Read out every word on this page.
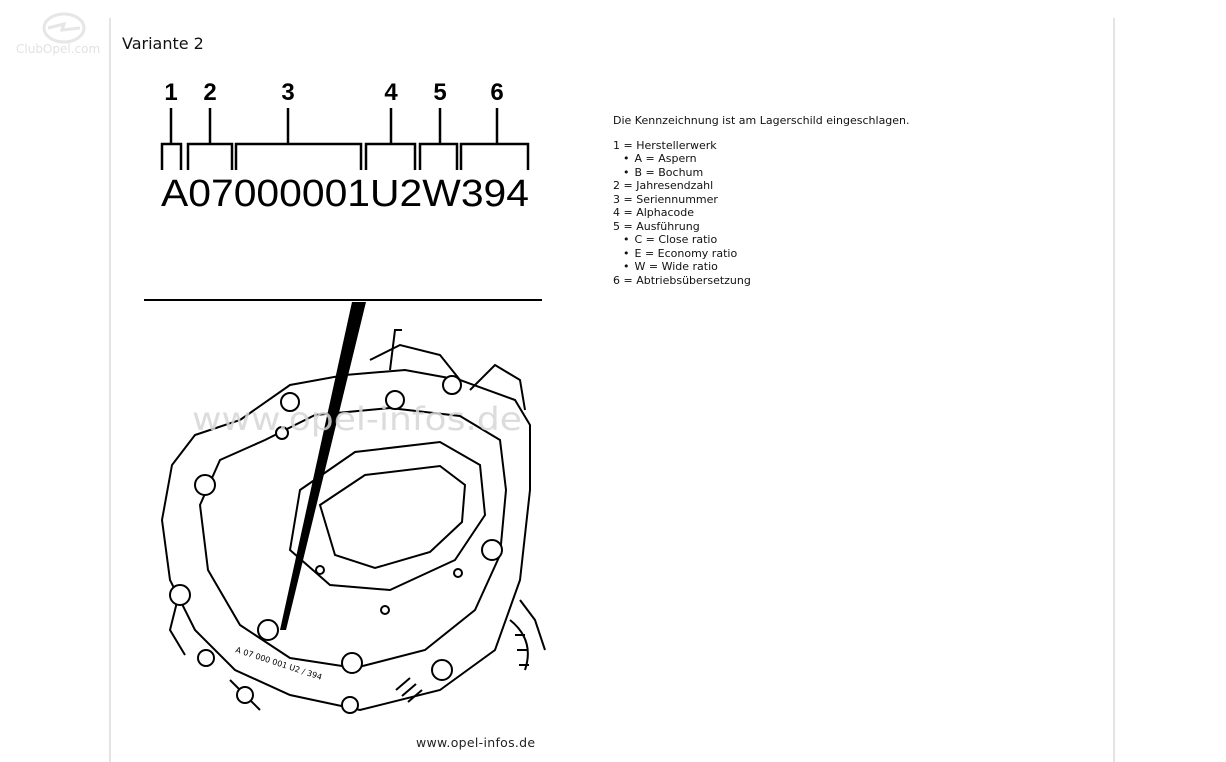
ClubOpel.com Variante 2
1 2	3	4 5 6
A07000001U2W394
A 07 000 001 U2 / 394
www.opel-infos.de
www.opel-infos.de
Die Kennzeichnung ist am Lagerschild eingeschlagen.
1 = Herstellerwerk
• A = Aspern
• B = Bochum
2 = Jahresendzahl
3 = Seriennummer
4 = Alphacode
5 = Ausführung
• C = Close ratio
• E = Economy ratio
• W = Wide ratio
6 = Abtriebsübersetzung
